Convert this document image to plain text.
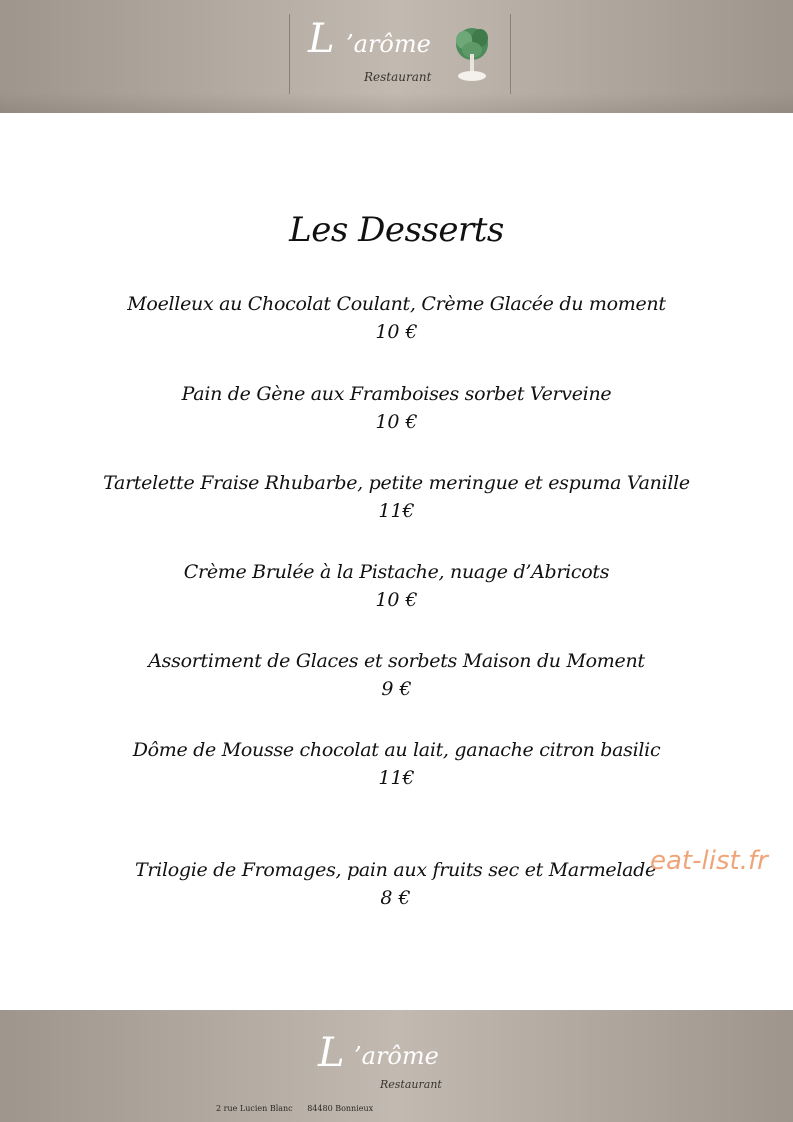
L ’arôme
Restaurant
Les Desserts
Moelleux au Chocolat Coulant, Crème Glacée du moment
10 €
Pain de Gène aux Framboises sorbet Verveine
10 €
Tartelette Fraise Rhubarbe, petite meringue et espuma Vanille
11€
Crème Brulée à la Pistache, nuage d’Abricots
10 €
Assortiment de Glaces et sorbets Maison du Moment
9 €
Dôme de Mousse chocolat au lait, ganache citron basilic
11€
Trilogie de Fromages, pain aux fruits sec et Marmelade
8 €
eat-list.fr
L ’arôme
Restaurant
2 rue Lucien Blanc 84480 Bonnieux
